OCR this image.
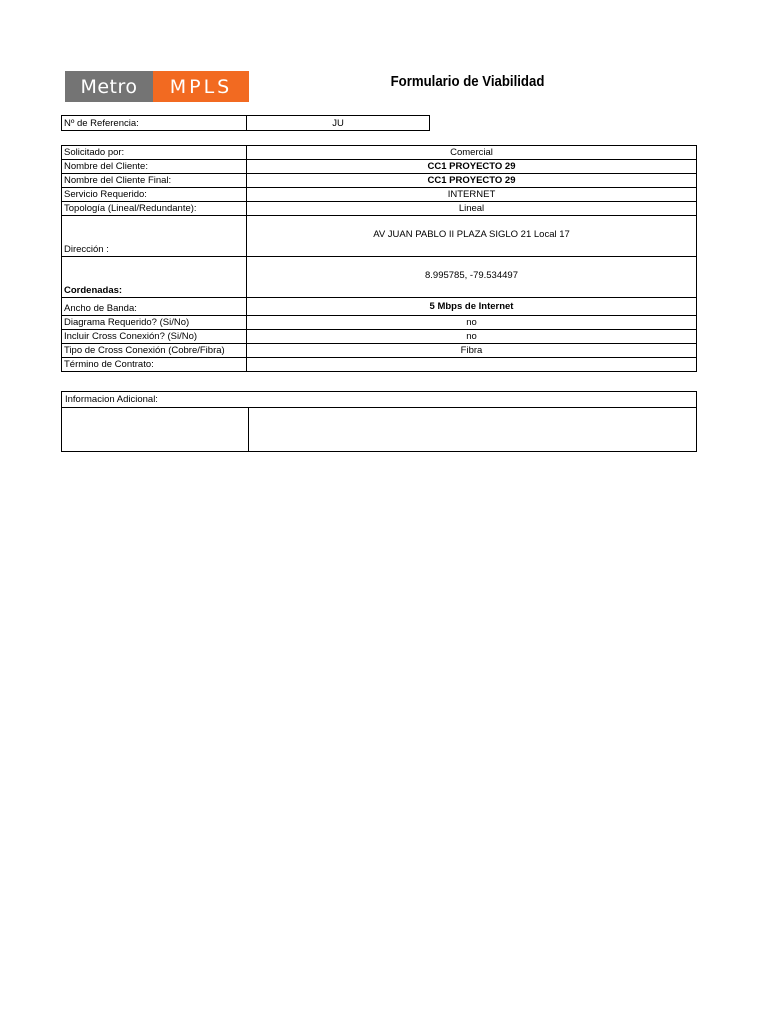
Metro	MPLS	Formulario de Viabilidad
Nº de Referencia:	JU
Solicitado por:	Comercial
Nombre del Cliente:	CC1 PROYECTO 29
Nombre del Cliente Final:	CC1 PROYECTO 29
Servicio Requerido:	INTERNET
Topología (Lineal/Redundante):	Lineal
Dirección :	AV JUAN PABLO II PLAZA SIGLO 21 Local 17
Cordenadas:	8.995785, -79.534497
Ancho de Banda:	5 Mbps de Internet
Diagrama Requerido? (Si/No)	no
Incluir Cross Conexión? (Si/No)	no
Tipo de Cross Conexión (Cobre/Fibra)	Fibra
Término de Contrato:	
Informacion Adicional:
